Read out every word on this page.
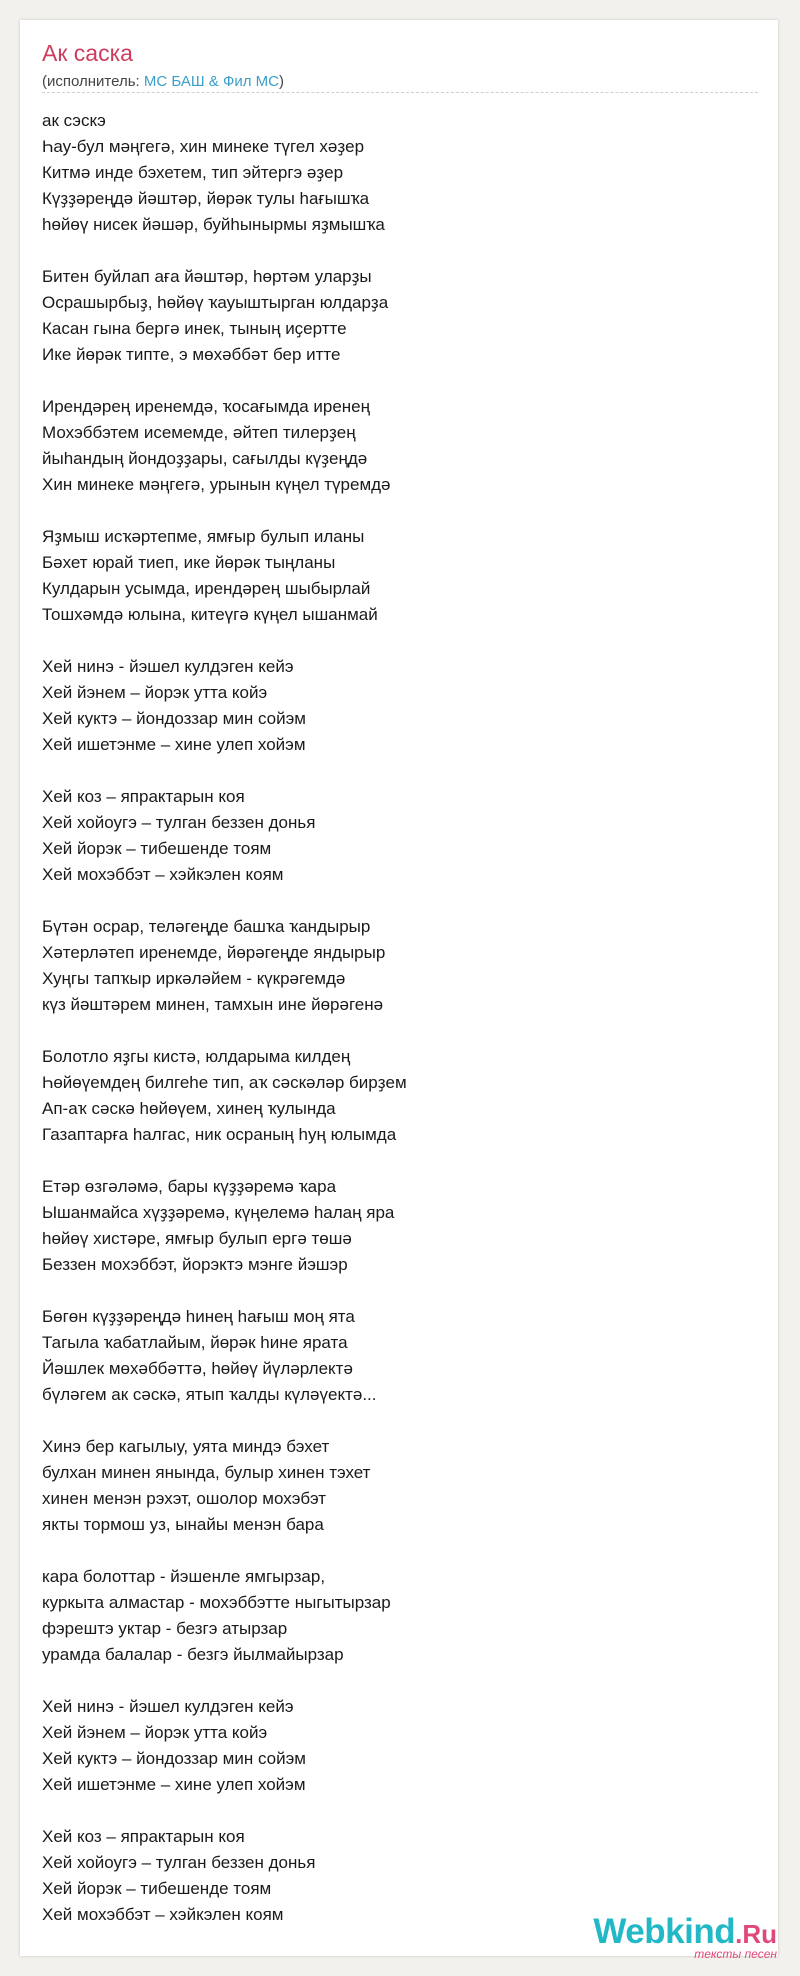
Ак саска
(исполнитель: МС БАШ & Фил МС)
ак сэскэ
Һау-бул мәңгегә, хин минеке түгел хәҙер
Китмә инде бэхетем, тип эйтергэ әҙер
Күҙҙәреңдә йәштәр, йөрәк тулы һағышҡа
һөйөү нисек йәшәр, буйһынырмы яҙмышҡа
Битен буйлап аға йәштәр, һөртәм уларҙы
Осрашырбыҙ, һөйөү ҡауыштырган юлдарҙа
Касан гына бергә инек, тының иҫертте
Ике йөрәк типте, э мөхәббәт бер итте
Ирендәрең иренемдә, ҡосағымда иренең
Мохэббэтем исемемде, әйтеп тилерҙең
йыһандың йондоҙҙары, сағылды күҙеңдә
Хин минеке мәңгегә, урынын күңел түремдә
Яҙмыш исҡәртепме, ямғыр булып иланы
Бәхет юрай тиеп, ике йөрәк тыңланы
Кулдарын усымда, ирендәрең шыбырлай
Тошхәмдә юлына, китеүгә күңел ышанмай
Хей нинэ - йэшел кулдэген кейэ
Хей йэнем – йорэк утта койэ
Хей куктэ – йондоззар мин сойэм
Хей ишетэнме – хине улеп хойэм
Хей коз – япрактарын коя
Хей хойоугэ – тулган беззен донья
Хей йорэк – тибешенде тоям
Хей мохэббэт – хэйкэлен коям
Бүтән осрар, теләгеңде башҡа ҡандырыр
Хәтерләтеп иренемде, йөрәгеңде яндырыр
Хуңгы тапҡыр иркәләйем - күкрәгемдә
күз йәштәрем минен, тамхын ине йөрәгенә
Болотло яҙгы кистә, юлдарыма килдең
Һөйөүемдең билгеһе тип, аҡ сәскәләр бирҙем
Ап-аҡ сәскә һөйөүем, хинең ҡулында
Газаптарға һалгас, ник осраның һуң юлымда
Етәр өзгәләмә, бары күҙҙәремә ҡара
Ышанмайса хүҙҙәремә, күңелемә һалаң яра
һөйөү хистәре, ямғыр булып ергә төшә
Беззен мохэббэт, йорэктэ мэнге йэшэр
Бөгөн күҙҙәреңдә һинең һағыш моң ята
Тагыла ҡабатлайым, йөрәк һине ярата
Йәшлек мөхәббәттә, һөйөү йүләрлектә
бүләгем ак сәскә, ятып ҡалды күләүектә...
Хинэ бер кагылыу, уята миндэ бэхет
булхан минен янында, булыр хинен тэхет
хинен менэн рэхэт, ошолор мохэбэт
якты тормош уз, ынайы менэн бара
кара болоттар - йэшенле ямгырзар,
куркыта алмастар - мохэббэтте ныгытырзар
фэрештэ уктар - безгэ атырзар
урамда балалар - безгэ йылмайырзар
Хей нинэ - йэшел кулдэген кейэ
Хей йэнем – йорэк утта койэ
Хей куктэ – йондоззар мин сойэм
Хей ишетэнме – хине улеп хойэм
Хей коз – япрактарын коя
Хей хойоугэ – тулган беззен донья
Хей йорэк – тибешенде тоям
Хей мохэббэт – хэйкэлен коям	Webkind.Ru
тексты песен
